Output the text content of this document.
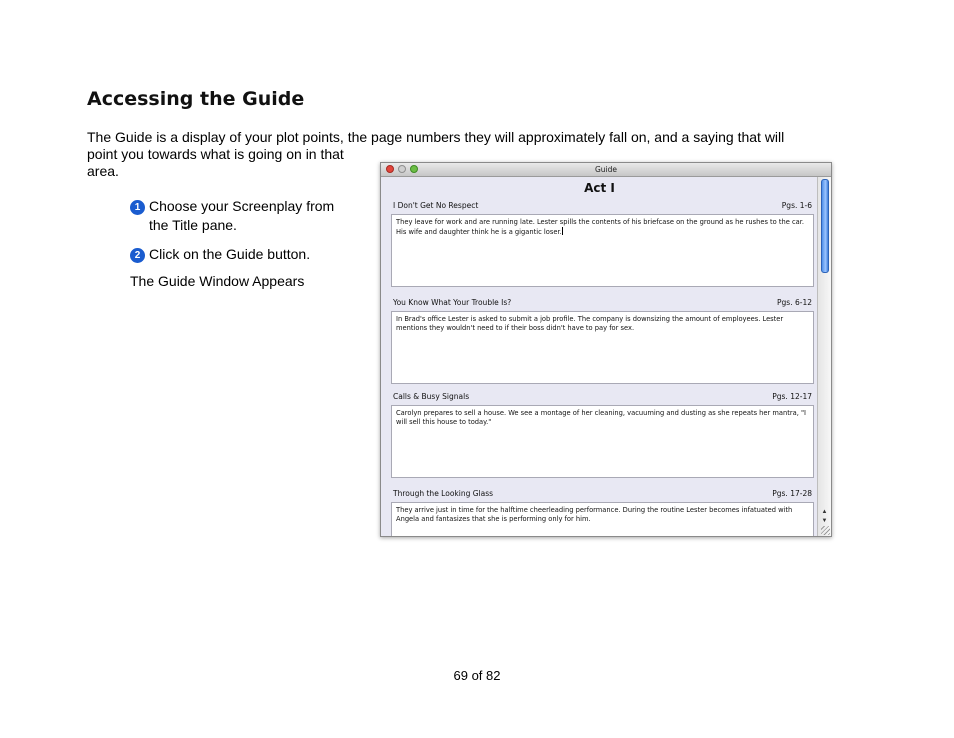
Accessing the Guide

The Guide is a display of your plot points, the page numbers they will approximately fall on, and a saying that will
point you towards what is going on in that area.

1 Choose your Screenplay from the Title pane.
2 Click on the Guide button.
The Guide Window Appears
Guide
Act I
I Don't Get No Respect	Pgs. 1-6
They leave for work and are running late. Lester spills the contents of his briefcase on the ground as he rushes to the car. His wife and daughter think he is a gigantic loser.
You Know What Your Trouble Is?	Pgs. 6-12
In Brad's office Lester is asked to submit a job profile. The company is downsizing the amount of employees. Lester mentions they wouldn't need to if their boss didn't have to pay for sex.
Calls & Busy Signals	Pgs. 12-17
Carolyn prepares to sell a house. We see a montage of her cleaning, vacuuming and dusting as she repeats her mantra, "I will sell this house to today."
Through the Looking Glass	Pgs. 17-28
They arrive just in time for the halftime cheerleading performance. During the routine Lester becomes infatuated with Angela and fantasizes that she is performing only for him.
▲
▼
69 of 82
